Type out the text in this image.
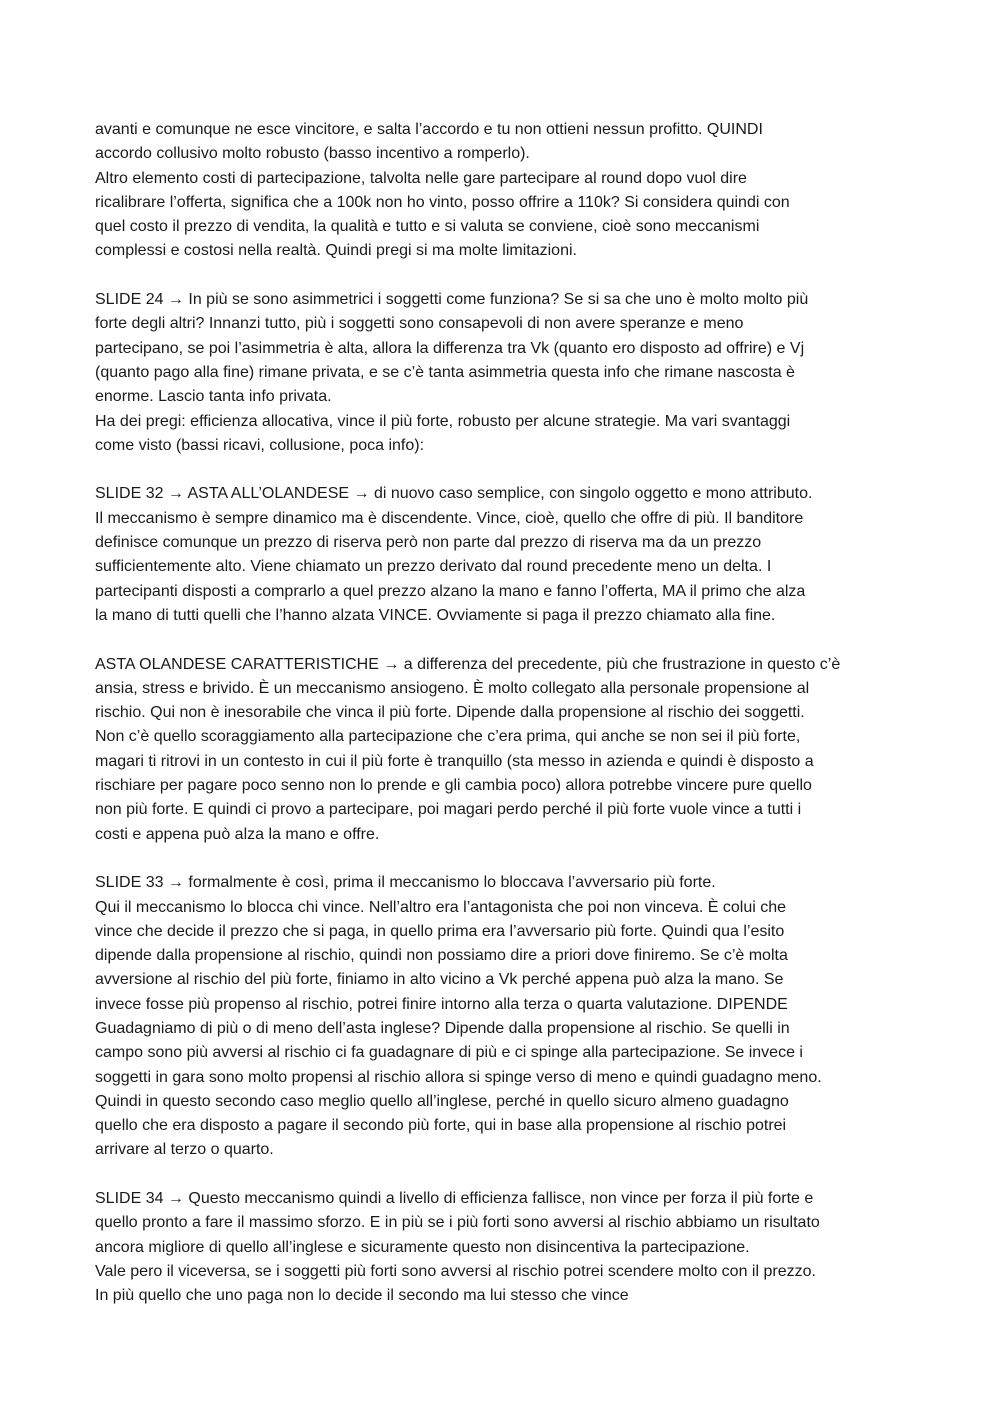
avanti e comunque ne esce vincitore, e salta l’accordo e tu non ottieni nessun profitto. QUINDI
accordo collusivo molto robusto (basso incentivo a romperlo).
Altro elemento costi di partecipazione, talvolta nelle gare partecipare al round dopo vuol dire
ricalibrare l’offerta, significa che a 100k non ho vinto, posso offrire a 110k? Si considera quindi con
quel costo il prezzo di vendita, la qualità e tutto e si valuta se conviene, cioè sono meccanismi
complessi e costosi nella realtà. Quindi pregi si ma molte limitazioni.

SLIDE 24 → In più se sono asimmetrici i soggetti come funziona? Se si sa che uno è molto molto più
forte degli altri? Innanzi tutto, più i soggetti sono consapevoli di non avere speranze e meno
partecipano, se poi l’asimmetria è alta, allora la differenza tra Vk (quanto ero disposto ad offrire) e Vj
(quanto pago alla fine) rimane privata, e se c’è tanta asimmetria questa info che rimane nascosta è
enorme. Lascio tanta info privata.
Ha dei pregi: efficienza allocativa, vince il più forte, robusto per alcune strategie. Ma vari svantaggi
come visto (bassi ricavi, collusione, poca info):

SLIDE 32 → ASTA ALL’OLANDESE → di nuovo caso semplice, con singolo oggetto e mono attributo.
Il meccanismo è sempre dinamico ma è discendente. Vince, cioè, quello che offre di più. Il banditore
definisce comunque un prezzo di riserva però non parte dal prezzo di riserva ma da un prezzo
sufficientemente alto. Viene chiamato un prezzo derivato dal round precedente meno un delta. I
partecipanti disposti a comprarlo a quel prezzo alzano la mano e fanno l’offerta, MA il primo che alza
la mano di tutti quelli che l’hanno alzata VINCE. Ovviamente si paga il prezzo chiamato alla fine.

ASTA OLANDESE CARATTERISTICHE → a differenza del precedente, più che frustrazione in questo c’è
ansia, stress e brivido. È un meccanismo ansiogeno. È molto collegato alla personale propensione al
rischio. Qui non è inesorabile che vinca il più forte. Dipende dalla propensione al rischio dei soggetti.
Non c’è quello scoraggiamento alla partecipazione che c’era prima, qui anche se non sei il più forte,
magari ti ritrovi in un contesto in cui il più forte è tranquillo (sta messo in azienda e quindi è disposto a
rischiare per pagare poco senno non lo prende e gli cambia poco) allora potrebbe vincere pure quello
non più forte. E quindi ci provo a partecipare, poi magari perdo perché il più forte vuole vince a tutti i
costi e appena può alza la mano e offre.

SLIDE 33 → formalmente è così, prima il meccanismo lo bloccava l’avversario più forte.
Qui il meccanismo lo blocca chi vince. Nell’altro era l’antagonista che poi non vinceva. È colui che
vince che decide il prezzo che si paga, in quello prima era l’avversario più forte. Quindi qua l’esito
dipende dalla propensione al rischio, quindi non possiamo dire a priori dove finiremo. Se c’è molta
avversione al rischio del più forte, finiamo in alto vicino a Vk perché appena può alza la mano. Se
invece fosse più propenso al rischio, potrei finire intorno alla terza o quarta valutazione. DIPENDE
Guadagniamo di più o di meno dell’asta inglese? Dipende dalla propensione al rischio. Se quelli in
campo sono più avversi al rischio ci fa guadagnare di più e ci spinge alla partecipazione. Se invece i
soggetti in gara sono molto propensi al rischio allora si spinge verso di meno e quindi guadagno meno.
Quindi in questo secondo caso meglio quello all’inglese, perché in quello sicuro almeno guadagno
quello che era disposto a pagare il secondo più forte, qui in base alla propensione al rischio potrei
arrivare al terzo o quarto.

SLIDE 34 → Questo meccanismo quindi a livello di efficienza fallisce, non vince per forza il più forte e
quello pronto a fare il massimo sforzo. E in più se i più forti sono avversi al rischio abbiamo un risultato
ancora migliore di quello all’inglese e sicuramente questo non disincentiva la partecipazione.
Vale pero il viceversa, se i soggetti più forti sono avversi al rischio potrei scendere molto con il prezzo.
In più quello che uno paga non lo decide il secondo ma lui stesso che vince
